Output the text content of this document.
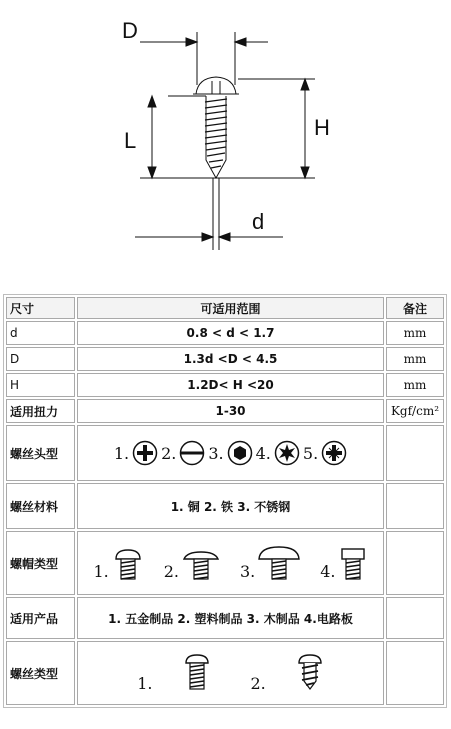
D
L
H
d
尺寸	可适用范围	备注
d	0.8 < d < 1.7	mm
D	1.3d <D < 4.5	mm
H	1.2D< H <20	mm
适用扭力	1-30	Kgf/cm²
螺丝头型	1. 2. 3. 4. 5.	

螺丝材料	1. 铜 2. 铁 3. 不锈钢	
螺帽类型	1. 2. 3. 4.	

适用产品	1. 五金制品 2. 塑料制品 3. 木制品 4.电路板	
螺丝类型	1. 2.	
